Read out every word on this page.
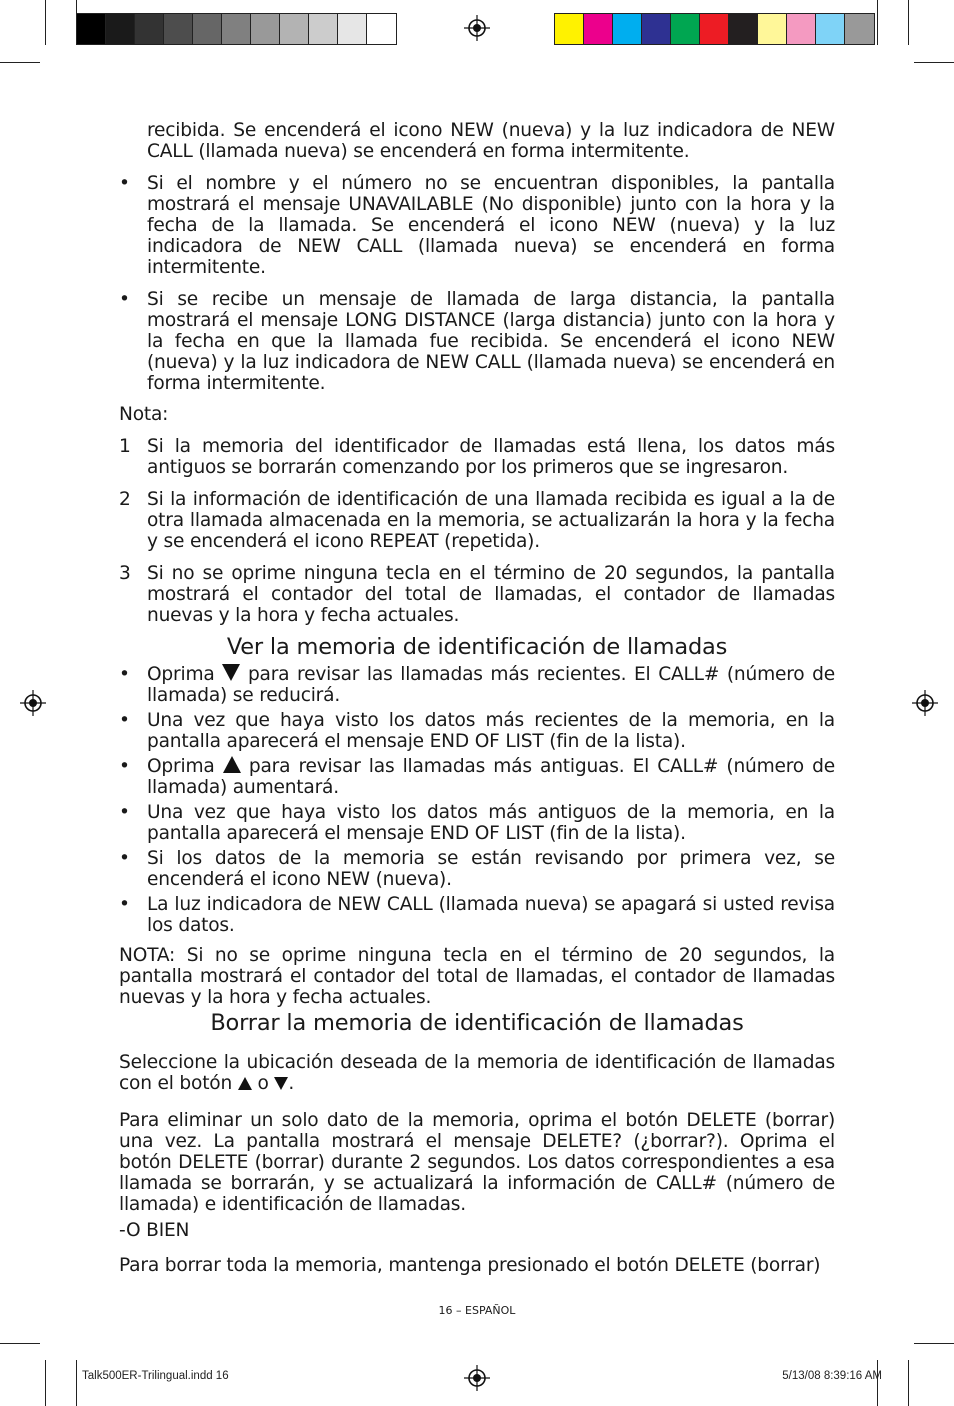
recibida. Se encenderá el icono NEW (nueva) y la luz indicadora de NEW CALL (llamada nueva) se encenderá en forma intermitente.

• Si el nombre y el número no se encuentran disponibles, la pantalla mostrará el mensaje UNAVAILABLE (No disponible) junto con la hora y la fecha de la llamada. Se encenderá el icono NEW (nueva) y la luz indicadora de NEW CALL (llamada nueva) se encenderá en forma intermitente.
• Si se recibe un mensaje de llamada de larga distancia, la pantalla mostrará el mensaje LONG DISTANCE (larga distancia) junto con la hora y la fecha en que la llamada fue recibida. Se encenderá el icono NEW (nueva) y la luz indicadora de NEW CALL (llamada nueva) se encenderá en forma intermitente.

Nota:

1 Si la memoria del identificador de llamadas está llena, los datos más antiguos se borrarán comenzando por los primeros que se ingresaron.
2 Si la información de identificación de una llamada recibida es igual a la de otra llamada almacenada en la memoria, se actualizarán la hora y la fecha y se encenderá el icono REPEAT (repetida).
3 Si no se oprime ninguna tecla en el término de 20 segundos, la pantalla mostrará el contador del total de llamadas, el contador de llamadas nuevas y la hora y fecha actuales.

Ver la memoria de identificación de llamadas

• Oprima para revisar las llamadas más recientes. El CALL# (número de llamada) se reducirá.
• Una vez que haya visto los datos más recientes de la memoria, en la pantalla aparecerá el mensaje END OF LIST (fin de la lista).
• Oprima para revisar las llamadas más antiguas. El CALL# (número de llamada) aumentará.
• Una vez que haya visto los datos más antiguos de la memoria, en la pantalla aparecerá el mensaje END OF LIST (fin de la lista).
• Si los datos de la memoria se están revisando por primera vez, se encenderá el icono NEW (nueva).
• La luz indicadora de NEW CALL (llamada nueva) se apagará si usted revisa los datos.

NOTA: Si no se oprime ninguna tecla en el término de 20 segundos, la pantalla mostrará el contador del total de llamadas, el contador de llamadas nuevas y la hora y fecha actuales.

Borrar la memoria de identificación de llamadas

Seleccione la ubicación deseada de la memoria de identificación de llamadas con el botón o .

Para eliminar un solo dato de la memoria, oprima el botón DELETE (borrar) una vez. La pantalla mostrará el mensaje DELETE? (¿borrar?). Oprima el botón DELETE (borrar) durante 2 segundos. Los datos correspondientes a esa llamada se borrarán, y se actualizará la información de CALL# (número de llamada) e identificación de llamadas.

-O BIEN

Para borrar toda la memoria, mantenga presionado el botón DELETE (borrar)

16 – ESPAÑOL
Talk500ER-Trilingual.indd 16	5/13/08 8:39:16 AM
